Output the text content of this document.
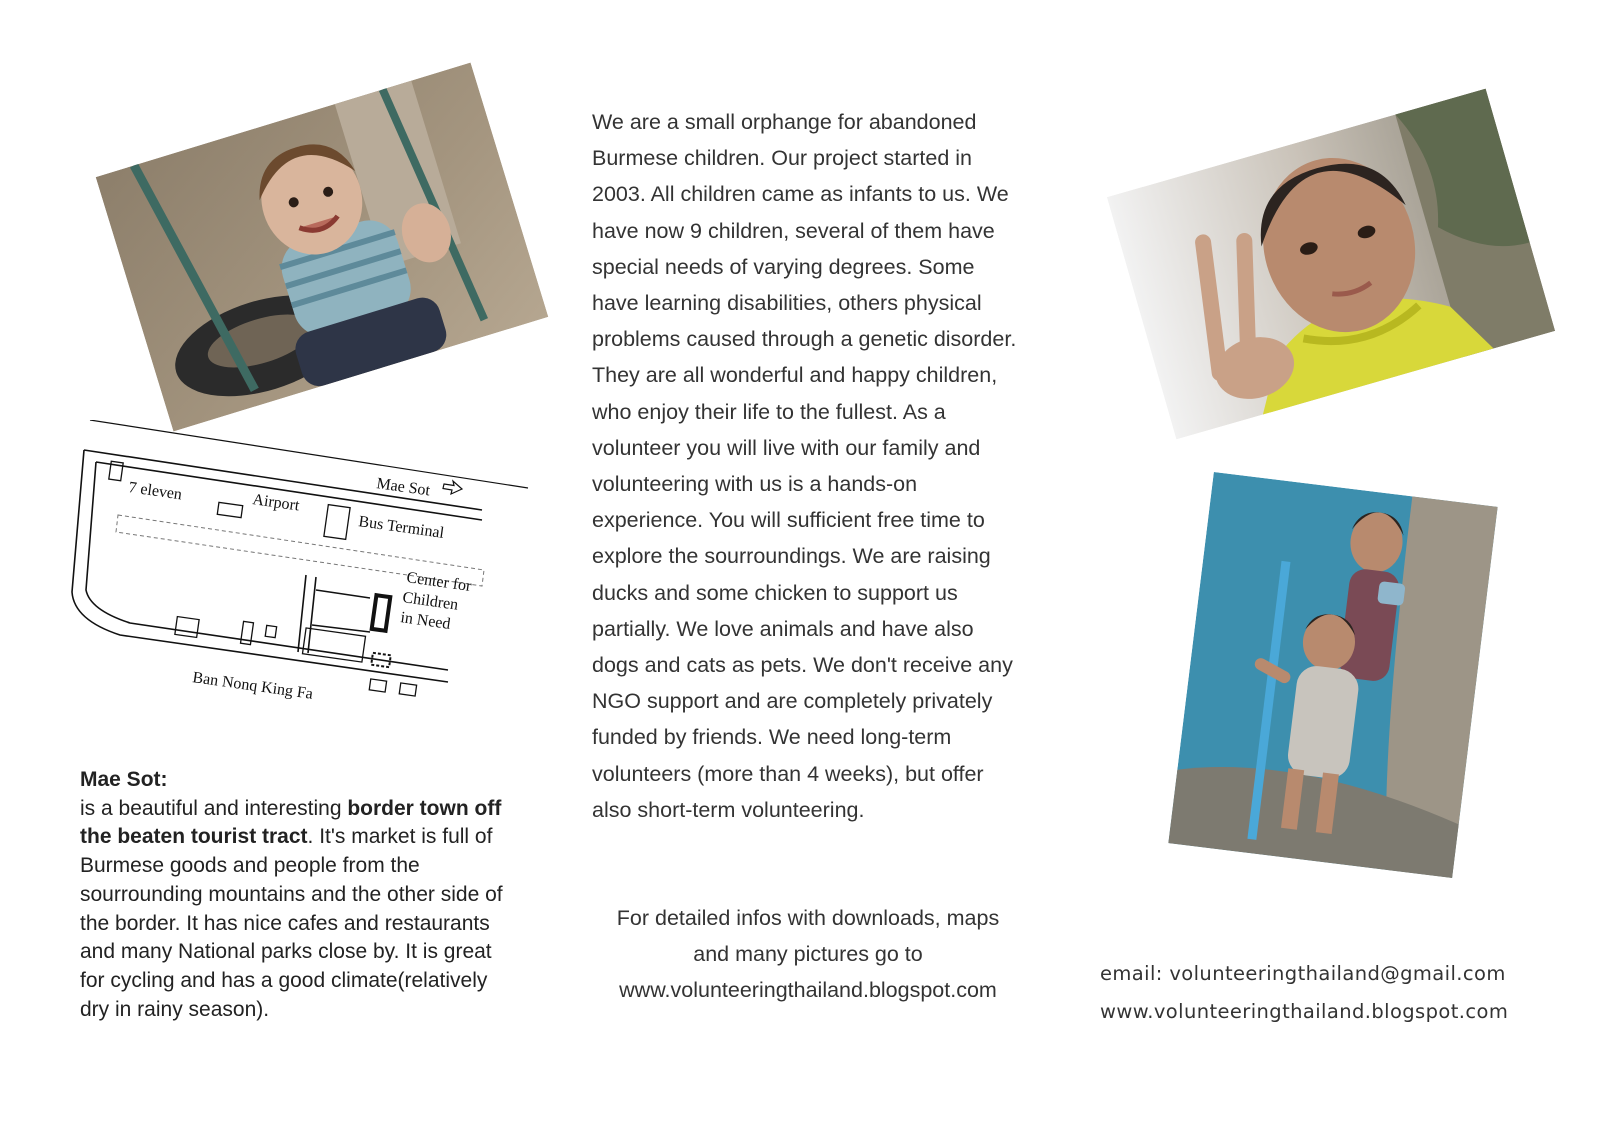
7 eleven	Airport
Mae Sot
Bus Terminal
Center for
Children
in Need
Ban Nonq King Fa
Mae Sot:
is a beautiful and interesting border town off the beaten tourist tract. It's market is full of Burmese goods and people from the sourrounding mountains and the other side of the border. It has nice cafes and restaurants and many National parks close by. It is great for cycling and has a good climate(relatively dry in rainy season).

We are a small orphange for abandoned Burmese children. Our project started in 2003. All children came as infants to us. We have now 9 children, several of them have special needs of varying degrees. Some have learning disabilities, others physical problems caused through a genetic disorder. They are all wonderful and happy children, who enjoy their life to the fullest. As a volunteer you will live with our family and volunteering with us is a hands-on experience. You will sufficient free time to explore the sourroundings. We are raising ducks and some chicken to support us partially. We love animals and have also dogs and cats as pets. We don't receive any NGO support and are completely privately funded by friends. We need long-term volunteers (more than 4 weeks), but offer also short-term volunteering.

For detailed infos with downloads, maps
and many pictures go to
www.volunteeringthailand.blogspot.com
email: volunteeringthailand@gmail.com
www.volunteeringthailand.blogspot.com
